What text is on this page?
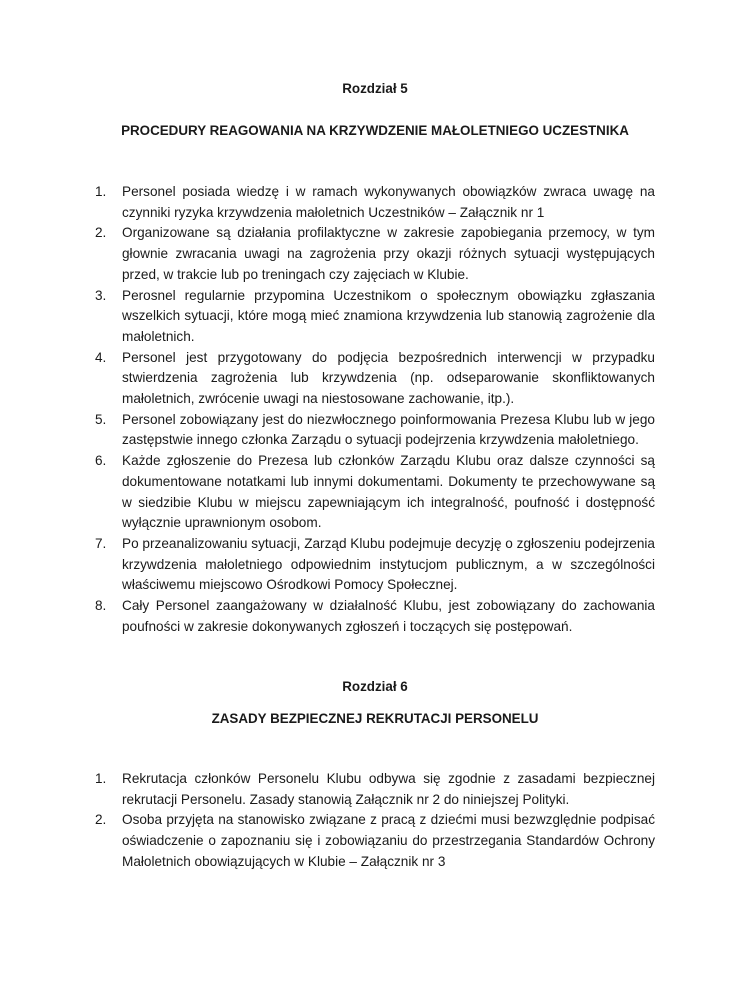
Rozdział 5
PROCEDURY REAGOWANIA NA KRZYWDZENIE MAŁOLETNIEGO UCZESTNIKA
1. Personel posiada wiedzę i w ramach wykonywanych obowiązków zwraca uwagę na czynniki ryzyka krzywdzenia małoletnich Uczestników – Załącznik nr 1
2. Organizowane są działania profilaktyczne w zakresie zapobiegania przemocy, w tym głownie zwracania uwagi na zagrożenia przy okazji różnych sytuacji występujących przed, w trakcie lub po treningach czy zajęciach w Klubie.
3. Perosnel regularnie przypomina Uczestnikom o społecznym obowiązku zgłaszania wszelkich sytuacji, które mogą mieć znamiona krzywdzenia lub stanowią zagrożenie dla małoletnich.
4. Personel jest przygotowany do podjęcia bezpośrednich interwencji w przypadku stwierdzenia zagrożenia lub krzywdzenia (np. odseparowanie skonfliktowanych małoletnich, zwrócenie uwagi na niestosowane zachowanie, itp.).
5. Personel zobowiązany jest do niezwłocznego poinformowania Prezesa Klubu lub w jego zastępstwie innego członka Zarządu o sytuacji podejrzenia krzywdzenia małoletniego.
6. Każde zgłoszenie do Prezesa lub członków Zarządu Klubu oraz dalsze czynności są dokumentowane notatkami lub innymi dokumentami. Dokumenty te przechowywane są w siedzibie Klubu w miejscu zapewniającym ich integralność, poufność i dostępność wyłącznie uprawnionym osobom.
7. Po przeanalizowaniu sytuacji, Zarząd Klubu podejmuje decyzję o zgłoszeniu podejrzenia krzywdzenia małoletniego odpowiednim instytucjom publicznym, a w szczególności właściwemu miejscowo Ośrodkowi Pomocy Społecznej.
8. Cały Personel zaangażowany w działalność Klubu, jest zobowiązany do zachowania poufności w zakresie dokonywanych zgłoszeń i toczących się postępowań.
Rozdział 6
ZASADY BEZPIECZNEJ REKRUTACJI PERSONELU
1. Rekrutacja członków Personelu Klubu odbywa się zgodnie z zasadami bezpiecznej rekrutacji Personelu. Zasady stanowią Załącznik nr 2 do niniejszej Polityki.
2. Osoba przyjęta na stanowisko związane z pracą z dziećmi musi bezwzględnie podpisać oświadczenie o zapoznaniu się i zobowiązaniu do przestrzegania Standardów Ochrony Małoletnich obowiązujących w Klubie – Załącznik nr 3
